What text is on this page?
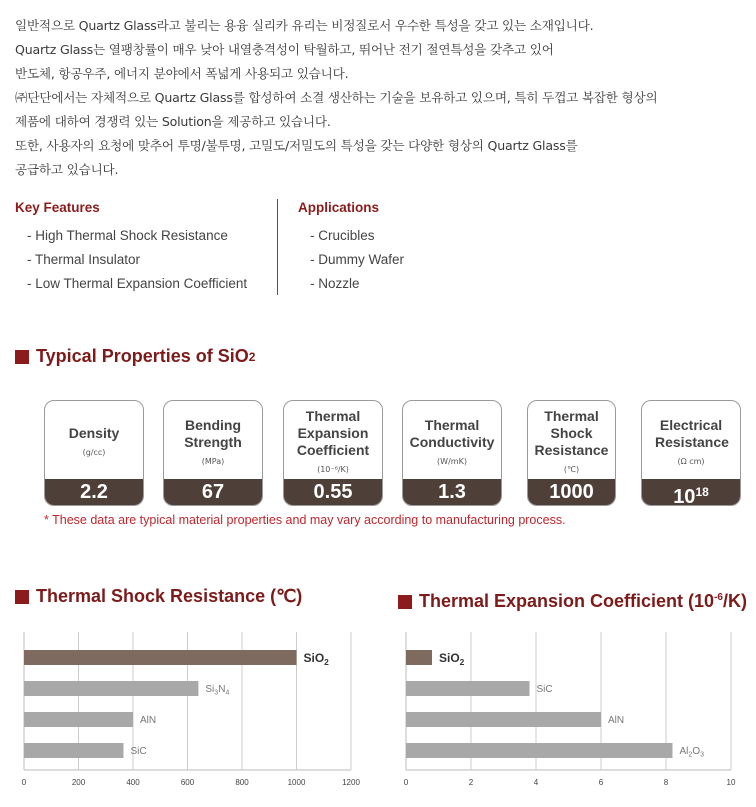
일반적으로 Quartz Glass라고 불리는 용융 실리카 유리는 비정질로서 우수한 특성을 갖고 있는 소재입니다.

Quartz Glass는 열팽창률이 매우 낮아 내열충격성이 탁월하고, 뛰어난 전기 절연특성을 갖추고 있어

반도체, 항공우주, 에너지 분야에서 폭넓게 사용되고 있습니다.

㈜단단에서는 자체적으로 Quartz Glass를 합성하여 소결 생산하는 기술을 보유하고 있으며, 특히 두껍고 복잡한 형상의

제품에 대하여 경쟁력 있는 Solution을 제공하고 있습니다.

또한, 사용자의 요청에 맞추어 투명/불투명, 고밀도/저밀도의 특성을 갖는 다양한 형상의 Quartz Glass를

공급하고 있습니다.

Key Features
- High Thermal Shock Resistance
- Thermal Insulator
- Low Thermal Expansion Coefficient
Applications
- Crucibles
- Dummy Wafer
- Nozzle
Typical Properties of SiO 2
Density
(g/cc)
2.2
Bending Strength
(MPa)
67
Thermal Expansion Coefficient
(10⁻⁶/K)
0.55
Thermal Conductivity
(W/mK)
1.3
Thermal Shock Resistance
(℃)
1000
Electrical Resistance
(Ω cm)
$10^{18}$
* These data are typical material properties and may vary according to manufacturing process.
Thermal Shock Resistance (℃)	Thermal Expansion Coefficient $(10^{-6}/K)$
0	200	400	600	800	1000	1200
SiO$_2$
$Si_3N_4$
AlN
SiC
0	2	4	6	8	10
SiO$_2$
SiC
AlN
$Al_2O_3$
